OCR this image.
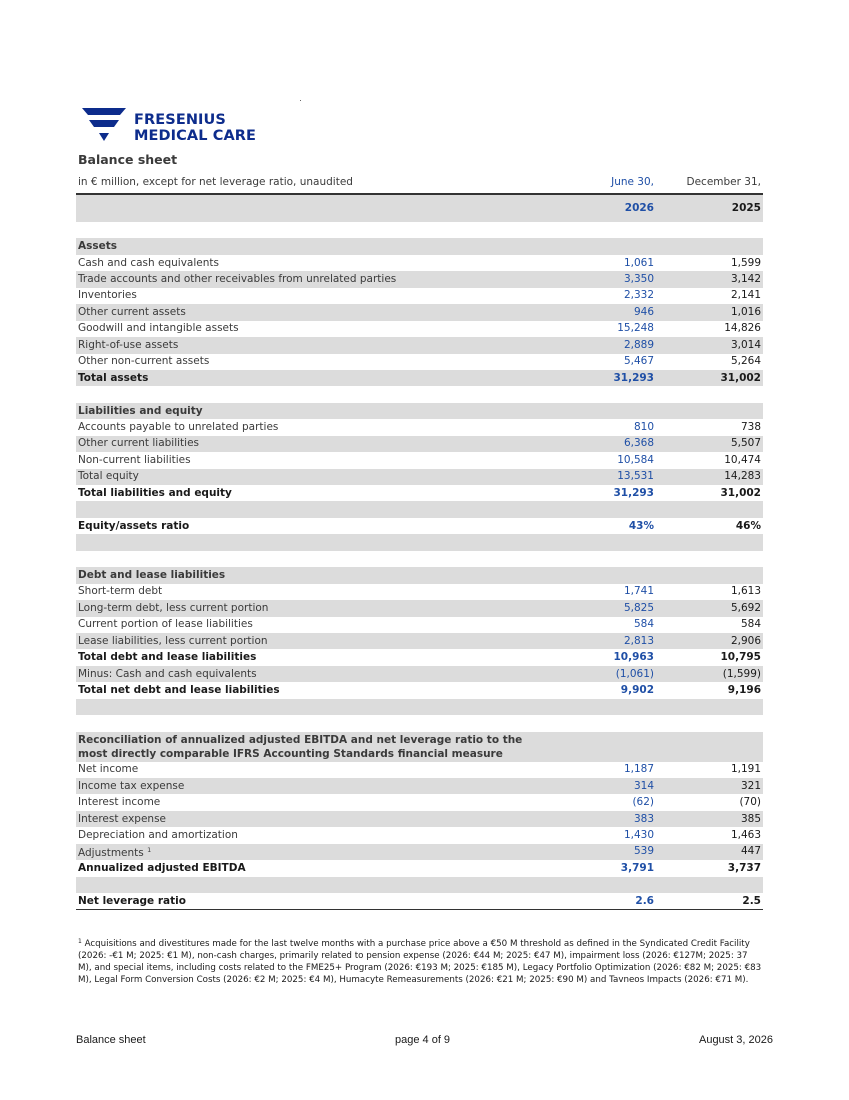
FRESENIUS
MEDICAL CARE
Balance sheet
in € million, except for net leverage ratio, unaudited	June 30,	December 31,
	2026	2025

Assets		
Cash and cash equivalents	1,061	1,599
Trade accounts and other receivables from unrelated parties	3,350	3,142
Inventories	2,332	2,141
Other current assets	946	1,016
Goodwill and intangible assets	15,248	14,826
Right-of-use assets	2,889	3,014
Other non-current assets	5,467	5,264
Total assets	31,293	31,002

Liabilities and equity		
Accounts payable to unrelated parties	810	738
Other current liabilities	6,368	5,507
Non-current liabilities	10,584	10,474
Total equity	13,531	14,283
Total liabilities and equity	31,293	31,002

Equity/assets ratio	43%	46%

Debt and lease liabilities		
Short-term debt	1,741	1,613
Long-term debt, less current portion	5,825	5,692
Current portion of lease liabilities	584	584
Lease liabilities, less current portion	2,813	2,906
Total debt and lease liabilities	10,963	10,795
Minus: Cash and cash equivalents	(1,061)	(1,599)
Total net debt and lease liabilities	9,902	9,196

Reconciliation of annualized adjusted EBITDA and net leverage ratio to the
most directly comparable IFRS Accounting Standards financial measure		
Net income	1,187	1,191
Income tax expense	314	321
Interest income	(62)	(70)
Interest expense	383	385
Depreciation and amortization	1,430	1,463
Adjustments $^1$	539	447
Annualized adjusted EBITDA	3,791	3,737

Net leverage ratio	2.6	2.5
$^1$ Acquisitions and divestitures made for the last twelve months with a purchase price above a €50 M threshold as defined in the Syndicated Credit Facility (2026: -€1 M; 2025: €1 M), non-cash charges, primarily related to pension expense (2026: €44 M; 2025: €47 M), impairment loss (2026: €127M; 2025: 37 M), and special items, including costs related to the FME25+ Program (2026: €193 M; 2025: €185 M), Legacy Portfolio Optimization (2026: €82 M; 2025: €83 M), Legal Form Conversion Costs (2026: €2 M; 2025: €4 M), Humacyte Remeasurements (2026: €21 M; 2025: €90 M) and Tavneos Impacts (2026: €71 M).
Balance sheet	page 4 of 9	August 3, 2026
